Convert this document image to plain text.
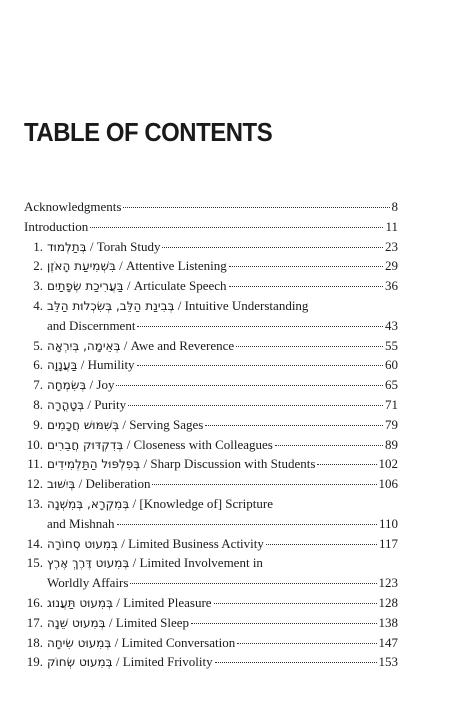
TABLE OF CONTENTS
Acknowledgments	8
Introduction	11
1. בְּתַלְמוּד / Torah Study	23
2. בִּשְׁמִיעַת הָאֹזֶן / Attentive Listening	29
3. בַּעֲרִיכַת שְׂפָתַיִם / Articulate Speech	36
4. בְּבִינַת הַלֵּב, בְּשִׂכְלוּת הַלֵּב / Intuitive Understanding
and Discernment	43
5. בְּאֵימָה, בְּיִרְאָה / Awe and Reverence	55
6. בַּעֲנָוָה / Humility	60
7. בְּשִׂמְחָה / Joy	65
8. בְּטָהֳרָה / Purity	71
9. בְּשִׁמּוּשׁ חֲכָמִים / Serving Sages	79
10. בְּדִקְדּוּק חֲבֵרִים / Closeness with Colleagues	89
11. בְּפִלְפּוּל הַתַּלְמִידִים / Sharp Discussion with Students	102
12. בְּיִשּׁוּב / Deliberation	106
13. בְּמִקְרָא, בְּמִשְׁנָה / [Knowledge of] Scripture
and Mishnah	110
14. בְּמִעוּט סְחוֹרָה / Limited Business Activity	117
15. בְּמִעוּט דֶּרֶךְ אֶרֶץ / Limited Involvement in
Worldly Affairs	123
16. בְּמִעוּט תַּעֲנוּג / Limited Pleasure	128
17. בְּמִעוּט שֵׁנָה / Limited Sleep	138
18. בְּמִעוּט שִׂיחָה / Limited Conversation	147
19. בְּמִעוּט שְׂחוֹק / Limited Frivolity	153
